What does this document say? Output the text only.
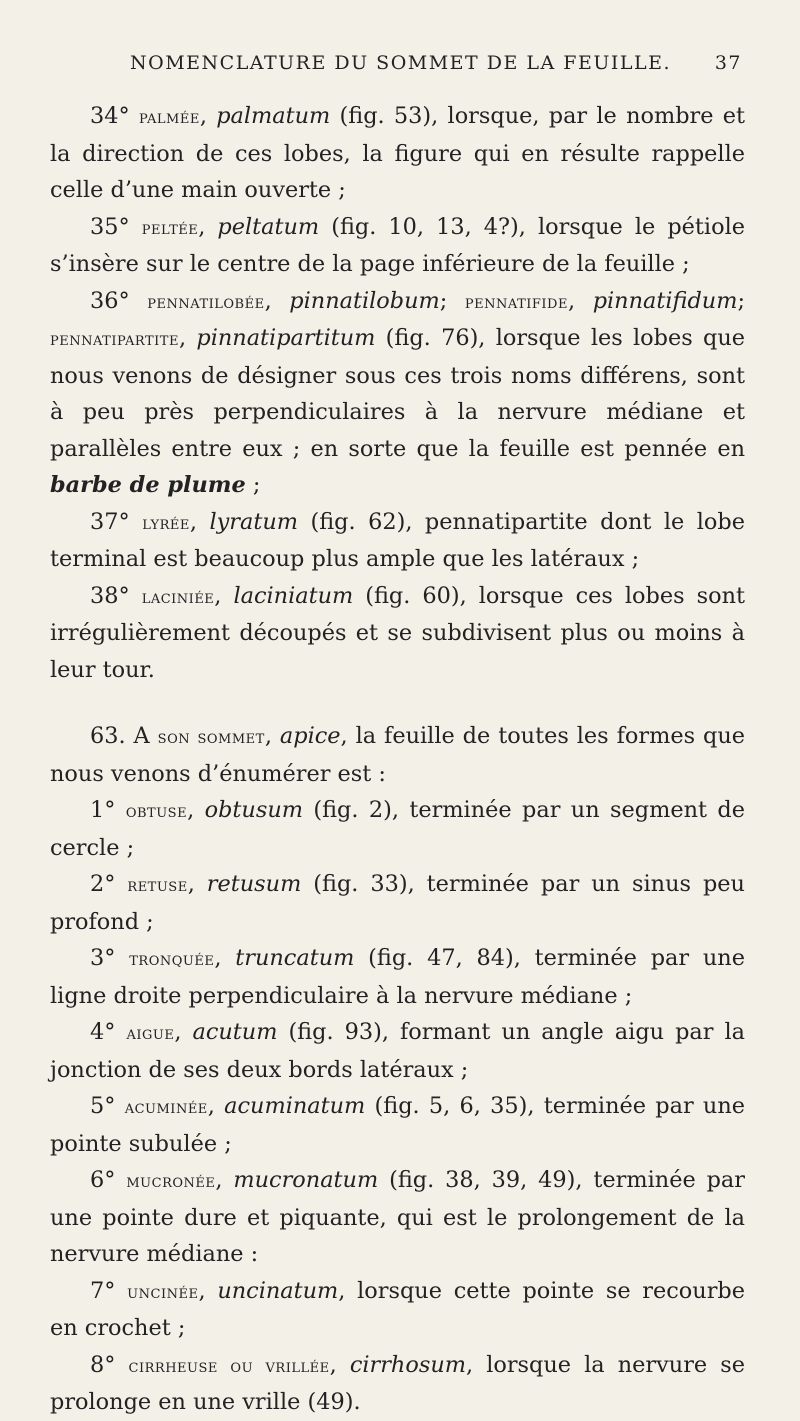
NOMENCLATURE DU SOMMET DE LA FEUILLE. 37

34° palmée, palmatum (fig. 53), lorsque, par le nombre et la direction de ces lobes, la figure qui en résulte rappelle celle d’une main ouverte ;

35° peltée, peltatum (fig. 10, 13, 4?), lorsque le pétiole s’insère sur le centre de la page inférieure de la feuille ;

36° pennatilobée, pinnatilobum; pennatifide, pinnatifidum; pennatipartite, pinnatipartitum (fig. 76), lorsque les lobes que nous venons de désigner sous ces trois noms différens, sont à peu près perpendiculaires à la nervure médiane et parallèles entre eux ; en sorte que la feuille est pennée en barbe de plume ;

37° lyrée, lyratum (fig. 62), pennatipartite dont le lobe terminal est beaucoup plus ample que les latéraux ;

38° laciniée, laciniatum (fig. 60), lorsque ces lobes sont irrégulièrement découpés et se subdivisent plus ou moins à leur tour.

63. A son sommet, apice, la feuille de toutes les formes que nous venons d’énumérer est :

1° obtuse, obtusum (fig. 2), terminée par un segment de cercle ;

2° retuse, retusum (fig. 33), terminée par un sinus peu profond ;

3° tronquée, truncatum (fig. 47, 84), terminée par une ligne droite perpendiculaire à la nervure médiane ;

4° aigue, acutum (fig. 93), formant un angle aigu par la jonction de ses deux bords latéraux ;

5° acuminée, acuminatum (fig. 5, 6, 35), terminée par une pointe subulée ;

6° mucronée, mucronatum (fig. 38, 39, 49), terminée par une pointe dure et piquante, qui est le prolongement de la nervure médiane :

7° uncinée, uncinatum, lorsque cette pointe se recourbe en crochet ;

8° cirrheuse ou vrillée, cirrhosum, lorsque la nervure se prolonge en une vrille (49).
